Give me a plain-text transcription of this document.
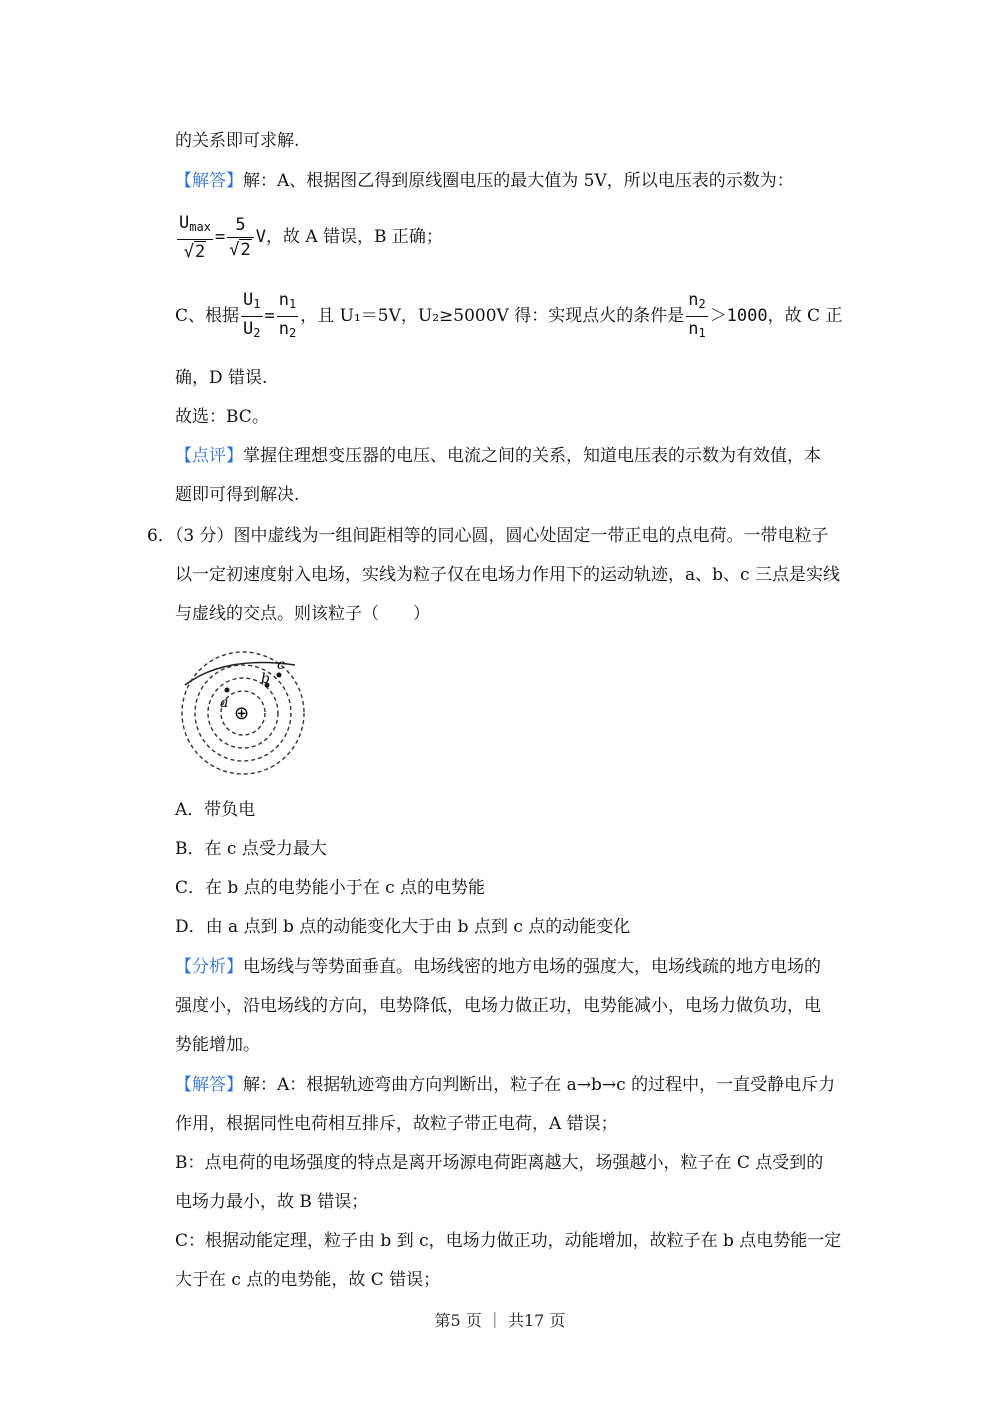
的关系即可求解.
【解答】解：A、根据图乙得到原线圈电压的最大值为 5V，所以电压表的示数为：
$\frac{U_{max}}{√2} = \frac{5}{√2}$ V，故 A 错误，B 正确；
C、根据 $\frac{U_1}{U_2} = \frac{n_1}{n_2}$ ，且 U₁＝5V，U₂≥5000V 得：实现点火的条件是 $\frac{n_2}{n_1} >1000$，故 C 正
确，D 错误.
故选：BC。
【点评】掌握住理想变压器的电压、电流之间的关系，知道电压表的示数为有效值，本
题即可得到解决.
6．（3 分）图中虚线为一组间距相等的同心圆，圆心处固定一带正电的点电荷。一带电粒子
以一定初速度射入电场，实线为粒子仅在电场力作用下的运动轨迹，a、b、c 三点是实线
与虚线的交点。则该粒子（　　）
a
b
c
⊕
A．带负电
B．在 c 点受力最大
C．在 b 点的电势能小于在 c 点的电势能
D．由 a 点到 b 点的动能变化大于由 b 点到 c 点的动能变化
【分析】电场线与等势面垂直。电场线密的地方电场的强度大，电场线疏的地方电场的
强度小，沿电场线的方向，电势降低，电场力做正功，电势能减小，电场力做负功，电
势能增加。
【解答】解：A：根据轨迹弯曲方向判断出，粒子在 a→b→c 的过程中，一直受静电斥力
作用，根据同性电荷相互排斥，故粒子带正电荷，A 错误；
B：点电荷的电场强度的特点是离开场源电荷距离越大，场强越小，粒子在 C 点受到的
电场力最小，故 B 错误；
C：根据动能定理，粒子由 b 到 c，电场力做正功，动能增加，故粒子在 b 点电势能一定
大于在 c 点的电势能，故 C 错误；
第5 页 ｜ 共17 页
